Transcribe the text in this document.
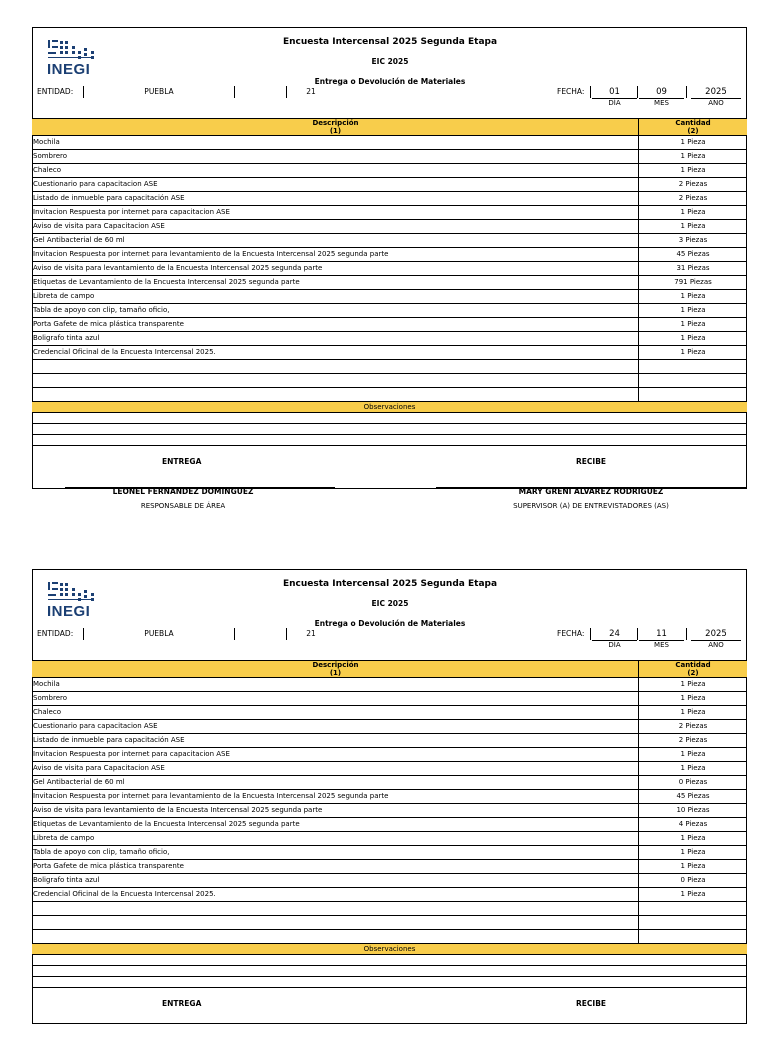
INEGI
Encuesta Intercensal 2025 Segunda Etapa
EIC 2025
Entrega o Devolución de Materiales
ENTIDAD:	PUEBLA	21	FECHA:	01
DÍA
09
MES
2025
AÑO
Descripción
(1)
Cantidad
(2)
Mochila	1 Pieza
Sombrero	1 Pieza
Chaleco	1 Pieza
Cuestionario para capacitacion ASE	2 Piezas
Listado de inmueble para capacitación ASE	2 Piezas
Invitacion Respuesta por internet para capacitacion ASE	1 Pieza
Aviso de visita para Capacitacion ASE	1 Pieza
Gel Antibacterial de 60 ml	3 Piezas
Invitacion Respuesta por internet para levantamiento de la Encuesta Intercensal 2025 segunda parte	45 Piezas
Aviso de visita para levantamiento de la Encuesta Intercensal 2025 segunda parte	31 Piezas
Etiquetas de Levantamiento de la Encuesta Intercensal 2025 segunda parte	791 Piezas
Libreta de campo	1 Pieza
Tabla de apoyo con clip, tamaño oficio,	1 Pieza
Porta Gafete de mica plástica transparente	1 Pieza
Boligrafo tinta azul	1 Pieza
Credencial Oficinal de la Encuesta Intercensal 2025.	1 Pieza
Observaciones
ENTREGA	RECIBE
LEONEL FERNANDEZ DOMINGUEZ
RESPONSABLE DE ÁREA
MARY GRENI ALVAREZ RODRIGUEZ
SUPERVISOR (A) DE ENTREVISTADORES (AS)
INEGI
Encuesta Intercensal 2025 Segunda Etapa
EIC 2025
Entrega o Devolución de Materiales
ENTIDAD:	PUEBLA	21	FECHA:	24
DÍA
11
MES
2025
AÑO
Descripción
(1)
Cantidad
(2)
Mochila	1 Pieza
Sombrero	1 Pieza
Chaleco	1 Pieza
Cuestionario para capacitacion ASE	2 Piezas
Listado de inmueble para capacitación ASE	2 Piezas
Invitacion Respuesta por internet para capacitacion ASE	1 Pieza
Aviso de visita para Capacitacion ASE	1 Pieza
Gel Antibacterial de 60 ml	0 Piezas
Invitacion Respuesta por internet para levantamiento de la Encuesta Intercensal 2025 segunda parte	45 Piezas
Aviso de visita para levantamiento de la Encuesta Intercensal 2025 segunda parte	10 Piezas
Etiquetas de Levantamiento de la Encuesta Intercensal 2025 segunda parte	4 Piezas
Libreta de campo	1 Pieza
Tabla de apoyo con clip, tamaño oficio,	1 Pieza
Porta Gafete de mica plástica transparente	1 Pieza
Boligrafo tinta azul	0 Pieza
Credencial Oficinal de la Encuesta Intercensal 2025.	1 Pieza
Observaciones
ENTREGA	RECIBE
